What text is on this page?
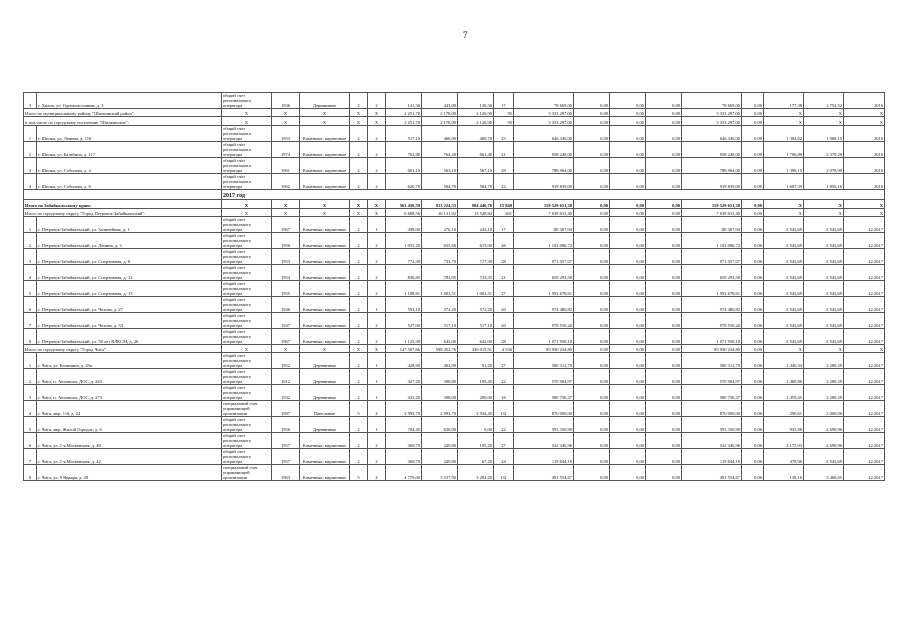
7
3	г. Хилок, ул. Одноклассников, д. 3	общий счет регионального оператора	1936	Деревянные	2	2	141,30	443,00	130,30	17	78 669,00	0,00	0,00	0,00	78 669,00	0,00	177,38	2 752,52	2016
Итого по муниципальному району "Шилкинский район":		X	X	X	X	X	2 251,70	2 178,00	2 126,90	95	3 333 297,00	0,00	0,00	0,00	3 333 297,00	0,00	X	X	X
в том числе по городскому поселению "Шилкинское":		X	X	X	X	X	2 251,70	2 178,00	2 126,90	95	3 333 297,00	0,00	0,00	0,00	3 333 297,00	0,00	X	X	X
1	г. Шилка, ул. Ленина, д. 118	общий счет регионального оператора	1953	Каменные, кирпичные	2	2	517,10	466,00	400,70	25	646 346,00	0,00	0,00	0,00	646 346,00	0,00	1 384,62	1 988,15	2016
2	г. Шилка, ул. Балабина, д. 117	общий счет регионального оператора	1974	Каменные, кирпичные	2	2	762,80	764,40	661,40	21	958 248,00	0,00	0,00	0,00	958 248,00	0,00	1 706,89	2 379,29	2016
3	г. Шилка, ул. Соболева, д. 4	общий счет регионального оператора	1961	Каменные, кирпичные	2	2	601,10	563,10	567,10	29	788 964,00	0,00	0,00	0,00	788 964,00	0,00	1 396,15	2 078,90	2016
4	г. Шилка, ул. Соболева, д. 6	общий счет регионального оператора	1962	Каменные, кирпичные	2	2	620,70	584,70	584,70	22	939 839,00	0,00	0,00	0,00	939 839,00	0,00	1 607,39	1 856,16	2016
		2017 год																	
Итого по Забайкальскому краю:		X	X	X	X	X	561 450,59	913 224,33	904 446,76	15 849	159 529 651,38	0,00	0,00	0,00	159 529 651,38	0,00	X	X	X
Итого по городскому округу "Город Петровск-Забайкальский":		X	X	X	X	X	6 688,56	16 131,92	13 528,84	201	7 638 631,40	0,00	0,00	0,00	7 638 631,40	0,00	X	X	X
1	г. Петровск-Забайкальский, ул. Залинейная, д. 1	общий счет регионального оператора	1967	Каменные, кирпичные	2	1	498,00	276,10	243,10	17	88 367,94	0,00	0,00	0,00	88 367,94	0,00	2 545,69	2 545,69	12.2017
2	г. Петровск-Забайкальский, ул. Ленина, д. 3	общий счет регионального оператора	1950	Каменные, кирпичные	2	2	1 055,20	655,60	615,00	26	1 102 096,72	0,00	0,00	0,00	1 102 096,72	0,00	2 545,69	2 545,69	12.2017
3	г. Петровск-Забайкальский, ул. Спортивная, д. 8	общий счет регионального оператора	1953	Каменные, кирпичные	2	2	772,30	733,70	717,30	28	971 057,07	0,00	0,00	0,00	971 057,07	0,00	2 545,69	2 545,69	12.2017
4	г. Петровск-Забайкальский, ул. Спортивная, д. 12	общий счет регионального оператора	1954	Каменные, кирпичные	2	2	836,85	782,95	733,35	21	659 293,58	0,00	0,00	0,00	659 293,58	0,00	2 545,69	2 545,69	12.2017
5	г. Петровск-Забайкальский, ул. Спортивная, д. 15	общий счет регионального оператора	1955	Каменные, кирпичные	2	2	1 188,81	1 003,51	1 002,51	27	1 992 670,61	0,00	0,00	0,00	1 992 670,61	0,00	2 545,69	2 545,69	12.2017
6	г. Петровск-Забайкальский, ул. Чехова, д. 27	общий счет регионального оператора	1946	Каменные, кирпичные	2	1	593,10	572,20	572,20	20	974 486,82	0,00	0,00	0,00	974 486,82	0,00	2 545,69	2 545,69	12.2017
7	г. Петровск-Забайкальский, ул. Чехова, д. 33	общий счет регионального оператора	1947	Каменные, кирпичные	2	2	527,00	517,10	517,10	20	978 510,26	0,00	0,00	0,00	978 510,26	0,00	2 545,69	2 545,69	12.2017
8	г. Петровск-Забайкальский, ул. 50 лет ВЛКСМ, д. 26	общий счет регионального оператора	1967	Каменные, кирпичные	2	2	1 125,30	642,00	642,00	28	1 071 950,10	0,00	0,00	0,00	1 071 950,10	0,00	2 545,69	2 545,69	12.2017
Итого по городскому округу "Город Чита":		X	X	X	X	X	147 507,66	598 452,76	436 015,91	4 536	85 930 234,80	0,00	0,00	0,00	85 930 234,80	0,00	X	X	X
1	г. Чита, ул. Калинина, д. 29а	общий счет регионального оператора	1952	Деревянные	2	1	428,60	402,90	91,20	27	580 312,70	0,00	0,00	0,00	580 312,70	0,00	1 440,34	2 280,29	12.2017
2	г. Чита, п. Антипиха, ДОС, д. 263	общий счет регионального оператора	1912	Деревянные	2	1	427,20	390,80	195,40	22	570 904,97	0,00	0,00	0,00	570 904,97	0,00	1 460,86	2 280,29	12.2017
3	г. Чита, п. Антипиха, ДОС, д. 273	общий счет регионального оператора	1932	Деревянные	2	1	433,20	398,00	200,00	16	580 756,37	0,00	0,00	0,00	580 756,37	0,00	1 459,45	2 280,29	12.2017
4	г. Чита, мкр. 1-й, д. 24	специальный счет управляющей организации	1987	Панельные	5	4	2 993,70	2 993,70	2 934,40	131	870 000,00	0,00	0,00	0,00	870 000,00	0,00	290,61	2 000,00	12.2017
5	г. Чита, мкр. Жилой Городок, д. 6	общий счет регионального оператора	1956	Деревянные	2	1	704,40	636,00	0,00	22	593 350,98	0,00	0,00	0,00	593 350,98	0,00	935,88	2 690,90	12.2017
6	г. Чита, ул. 1-я Московская, д. 40	общий счет регионального оператора	1957	Каменные, кирпичные	2	2	369,70	249,80	195,20	27	542 346,96	0,00	0,00	0,00	542 346,96	0,00	2 175,93	2 690,90	12.2017
7	г. Чита, ул. 1-я Московская, д. 42	общий счет регионального оператора	1957	Каменные, кирпичные	2	2	369,70	249,80	67,20	24	119 644,16	0,00	0,00	0,00	119 644,16	0,00	478,96	2 545,69	12.2017
8	г. Чита, ул. 9 Января, д. 20	специальный счет управляющей организации	1963	Каменные, кирпичные	5	4	4 779,00	3 537,90	3 282,20	131	491 554,67	0,00	0,00	0,00	491 554,67	0,00	138,16	3 466,65	12.2017
